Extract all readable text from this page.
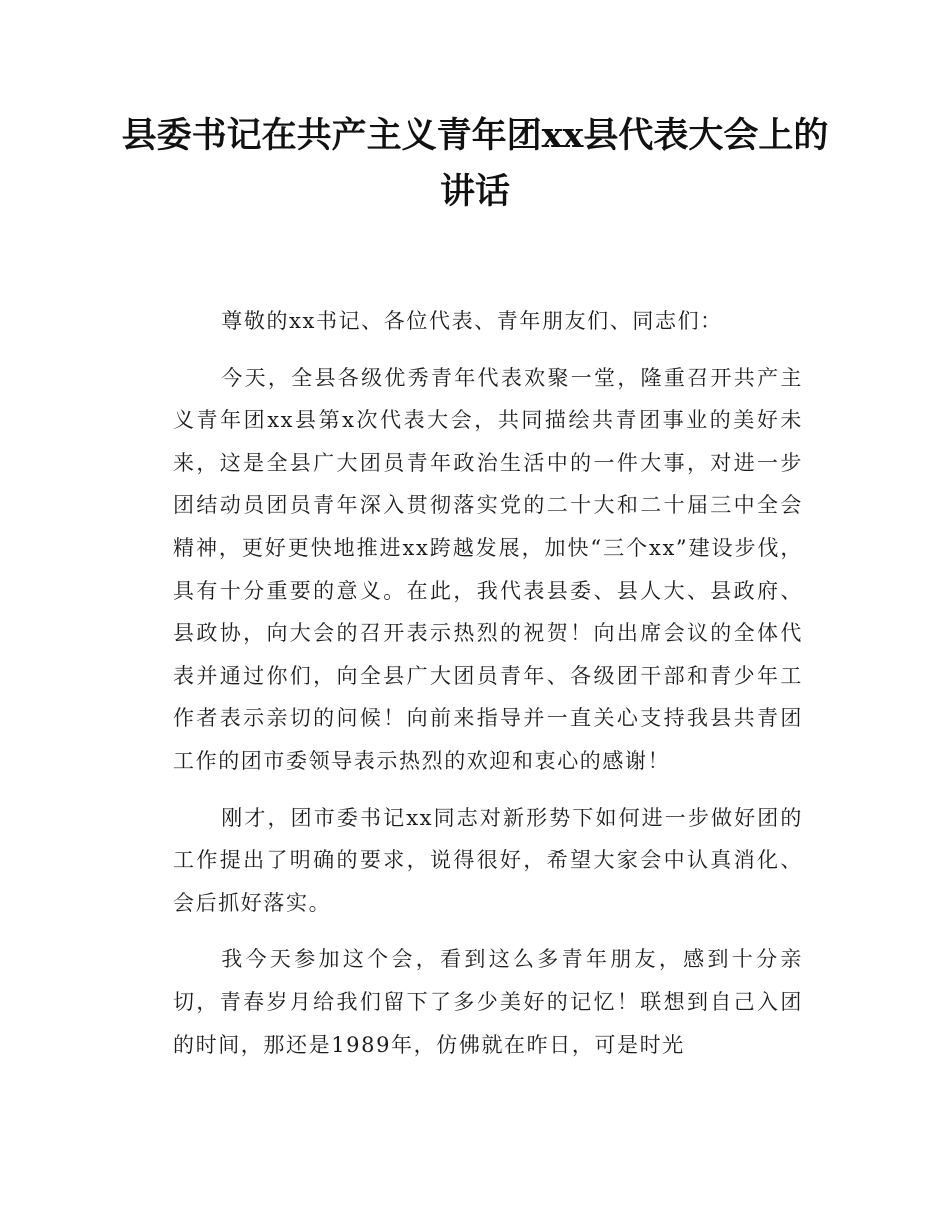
县委书记在共产主义青年团xx县代表大会上的讲话

尊敬的xx书记、各位代表、青年朋友们、同志们：

今天，全县各级优秀青年代表欢聚一堂，隆重召开共产主义青年团xx县第x次代表大会，共同描绘共青团事业的美好未来，这是全县广大团员青年政治生活中的一件大事，对进一步团结动员团员青年深入贯彻落实党的二十大和二十届三中全会精神，更好更快地推进xx跨越发展，加快“三个xx”建设步伐，具有十分重要的意义。在此，我代表县委、县人大、县政府、县政协，向大会的召开表示热烈的祝贺！向出席会议的全体代表并通过你们，向全县广大团员青年、各级团干部和青少年工作者表示亲切的问候！向前来指导并一直关心支持我县共青团工作的团市委领导表示热烈的欢迎和衷心的感谢！

刚才，团市委书记xx同志对新形势下如何进一步做好团的工作提出了明确的要求，说得很好，希望大家会中认真消化、会后抓好落实。

我今天参加这个会，看到这么多青年朋友，感到十分亲切，青春岁月给我们留下了多少美好的记忆！联想到自己入团的时间，那还是1989年，仿佛就在昨日，可是时光
